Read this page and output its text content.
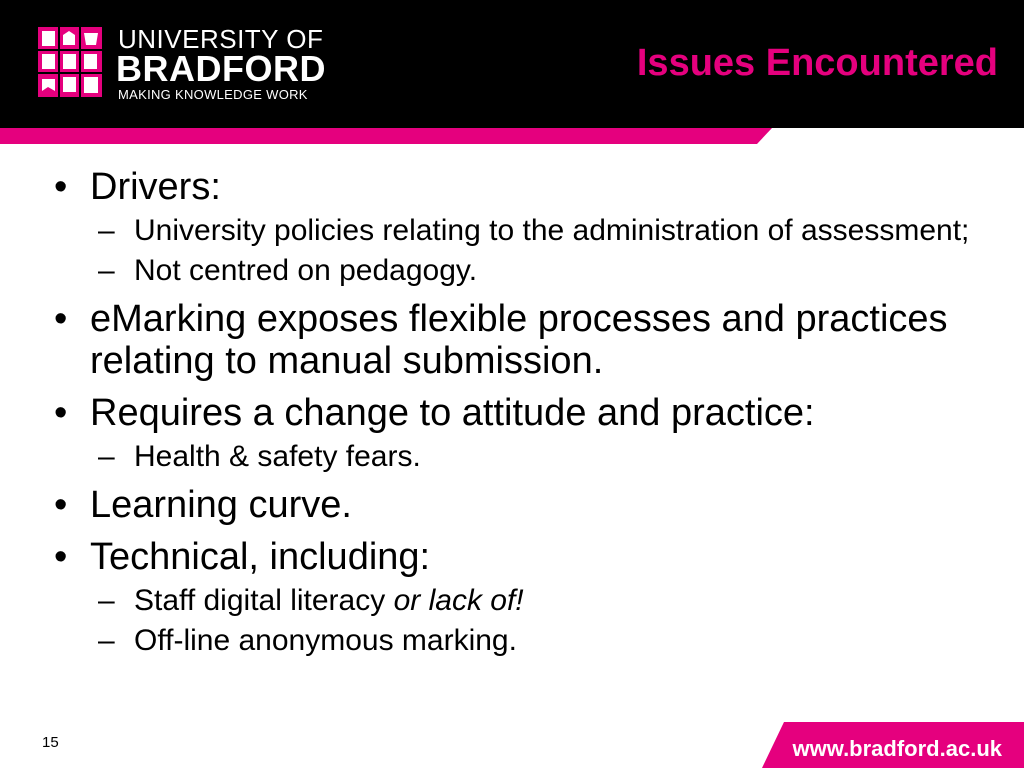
UNIVERSITY OF
BRADFORD
MAKING KNOWLEDGE WORK
Issues Encountered
• Drivers:
– University policies relating to the administration of assessment;
– Not centred on pedagogy.
• eMarking exposes flexible processes and practices relating to manual submission.
• Requires a change to attitude and practice:
– Health & safety fears.
• Learning curve.
• Technical, including:
– Staff digital literacy or lack of!
– Off-line anonymous marking.
15	www.bradford.ac.uk
